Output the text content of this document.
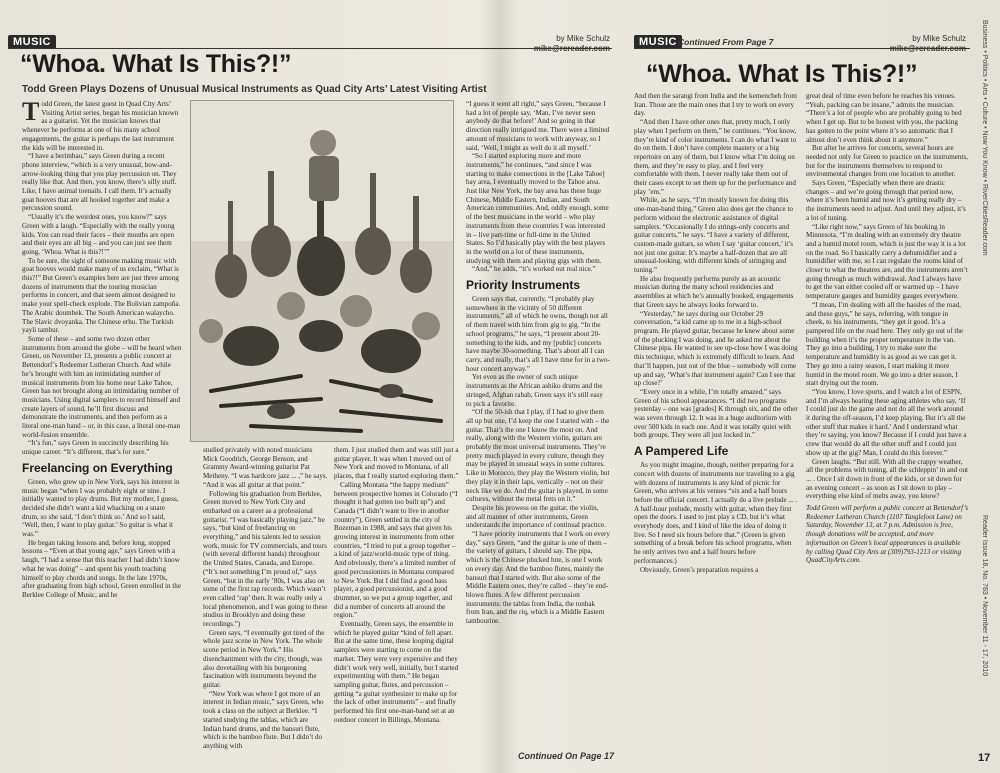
MUSIC	by Mike Schulz

“Whoa. What Is This?!”
Todd Green Plays Dozens of Unusual Musical Instruments as Quad City Arts’ Latest Visiting Artist

Todd Green, the latest guest in Quad City Arts’ Visiting Artist series, began his musician known as a guitarist. Yet the musician knows that whenever he performs at one of his many school engagements, the guitar is perhaps the last instrument the kids will be interested in.

“I have a berimbau,” says Green during a recent phone interview, “which is a very unusual, bow-and-arrow-looking thing that you play percussion on. They really like that. And then, you know, there’s silly stuff. Like, I have animal toenails. I call them. It’s actually goat hooves that are all hooked together and make a percussion sound.

“Usually it’s the weirdest ones, you know?” says Green with a laugh. “Especially with the really young kids. You can read their faces – their mouths are open and their eyes are all big – and you can just see them going, ‘Whoa. What is this?!’”

To be sure, the sight of someone making music with goat hooves would make many of us exclaim, “What is this?!” But Green’s examples here are just three among dozens of instruments that the touring musician performs in concert, and that seem almost designed to make your spell-check explode. The Bolivian zampoña. The Arabic doumbek. The South American walaycho. The Slavic dvoyanka. The Chinese erhu. The Turkish yayli tambur.

Some of these – and some two dozen other instruments from around the globe – will be heard when Green, on November 13, presents a public concert at Bettendorf’s Redeemer Lutheran Church. And while he’s brought with him an intimidating number of musical instruments from his home near Lake Tahoe, Green has not brought along an intimidating number of musicians. Using digital samplers to record himself and create layers of sound, he’ll first discuss and demonstrate the instruments, and then perform as a literal one-man band – or, in this case, a literal one-man world-fusion ensemble.

“It’s fun,” says Green in succinctly describing his unique career. “It’s different, that’s for sure.”

Freelancing on Everything

Green, who grew up in New York, says his interest in music began “when I was probably eight or nine. I initially wanted to play drums. But my mother, I guess, decided she didn’t want a kid whacking on a snare drum, so she said, ‘I don’t think so.’ And so I said, ‘Well, then, I want to play guitar.’ So guitar is what it was.”

He began taking lessons and, before long, stopped lessons – “Even at that young age,” says Green with a laugh, “I had a sense that this teacher I had didn’t know what he was doing” – and spent his youth teaching himself to play chords and songs. In the late 1970s, after graduating from high school, Green enrolled in the Berklee College of Music, and he

studied privately with noted musicians Mick Goodrich, George Benson, and Grammy Award-winning guitarist Pat Metheny. “I was hardcore jazz ... ,” he says. “And it was all guitar at that point.”

Following his graduation from Berklee, Green moved to New York City and embarked on a career as a professional guitarist. “I was basically playing jazz,” he says, “but kind of freelancing on everything,” and his talents led to session work, music for TV commercials, and tours (with several different bands) throughout the United States, Canada, and Europe. (“It’s not something I’m proud of,” says Green, “but in the early ’80s, I was also on some of the first rap records. Which wasn’t even called ‘rap’ then. It was really only a local phenomenon, and I was going to these studios in Brooklyn and doing these recordings.”)

Green says, “I eventually got tired of the whole jazz scene in New York. The whole scene period in New York.” His disenchantment with the city, though, was also dovetailing with his burgeoning fascination with instruments beyond the guitar.

“New York was where I got more of an interest in Indian music,” says Green, who took a class on the subject at Berklee. “I started studying the tablas, which are Indian hand drums, and the bansuri flute, which is the bamboo flute. But I didn’t do anything with

them. I just studied them and was still just a guitar player. It was when I moved out of New York and moved to Montana, of all places, that I really started exploring them.”

Calling Montana “the happy medium” between prospective homes in Colorado (“I thought it had gotten too built up”) and Canada (“I didn’t want to live in another country”), Green settled in the city of Bozeman in 1988, and says that given his growing interest in instruments from other countries, “I tried to put a group together – a kind of jazz/world-music type of thing. And obviously, there’s a limited number of good percussionists in Montana compared to New York. But I did find a good bass player, a good percussionist, and a good drummer, so we put a group together, and did a number of concerts all around the region.”

Eventually, Green says, the ensemble in which he played guitar “kind of fell apart. But at the same time, these looping digital samplers were starting to come on the market. They were very expensive and they didn’t work very well, initially, but I started experimenting with them.” He began sampling guitar, flutes, and percussion – getting “a guitar synthesizer to make up for the lack of other instruments” – and finally performed his first one-man-band set at an outdoor concert in Billings, Montana.

“I guess it went all right,” says Green, “because I had a lot of people say, ‘Man, I’ve never seen anybody do that before!’ And so going in that direction really intrigued me. There were a limited amount of musicians to work with anyway, so I said, ‘Well, I might as well do it all myself.’

“So I started exploring more and more instruments,” he continues, “and since I was starting to make connections in the [Lake Tahoe] bay area, I eventually moved to the Tahoe area. Just like New York, the bay area has these huge Chinese, Middle Eastern, Indian, and South American communities. And, oddly enough, some of the best musicians in the world – who play instruments from these countries I was interested in – live part-time or full-time in the United States. So I’d basically play with the best players in the world on a lot of these instruments, studying with them and playing gigs with them.

“And,” he adds, “it’s worked out real nice.”

Priority Instruments

Green says that, currently, “I probably play somewhere in the vicinity of 50 different instruments,” all of which he owns, though not all of them travel with him from gig to gig. “In the school programs,” he says, “I present about 20-something to the kids, and my [public] concerts have maybe 30-something. That’s about all I can carry, and really, that’s all I have time for in a two-hour concert anyway.”

Yet even as the owner of such unique instruments as the African ashiko drums and the stringed, Afghan rabab, Green says it’s still easy to pick a favorite.

“Of the 50-ish that I play, if I had to give them all up but one, I’d keep the one I started with – the guitar. That’s the one I know the most on. And really, along with the Western violin, guitars are probably the most universal instruments. They’re pretty much played in every culture, though they may be played in unusual ways in some cultures. Like in Morocco, they play the Western violin, but they play it in their laps, vertically – not on their neck like we do. And the guitar is played, in some cultures, without the metal frets on it.”

Despite his prowess on the guitar, the violin, and all manner of other instruments, Green understands the importance of continual practice.

“I have priority instruments that I work on every day,” says Green, “and the guitar is one of them – the variety of guitars, I should say. The pipa, which is the Chinese plucked lute, is one I work on every day. And the bamboo flutes, mainly the bansuri that I started with. But also some of the Middle Eastern ones, they’re called – they’re end-blown flutes. A few different percussion instruments: the tablas from India, the tonbak from Iran, and the riq, which is a Middle Eastern tambourine.

Continued On Page 17
MUSIC Continued From Page 7	by Mike Schulz

“Whoa. What Is This?!”

And then the sarangi from India and the kemencheh from Iran. Those are the main ones that I try to work on every day.

“And then I have other ones that, pretty much, I only play when I perform on them,” he continues. “You know, they’re kind of color instruments. I can do what I want to do on them. I don’t have complete mastery or a big repertoire on any of them, but I know what I’m doing on them, and they’re easy to play, and I feel very comfortable with them. I never really take them out of their cases except to set them up for the performance and play ’em.”

While, as he says, “I’m mostly known for doing this one-man-band thing,” Green also does get the chance to perform without the electronic assistance of digital samplers. “Occasionally I do strings-only concerts and guitar concerts,” he says. “I have a variety of different, custom-made guitars, so when I say ‘guitar concert,’ it’s not just one guitar. It’s maybe a half-dozen that are all unusual-looking, with different kinds of stringing and tuning.”

He also frequently performs purely as an acoustic musician during the many school residencies and assemblies at which he’s annually booked, engagements that Green says he always looks forward to.

“Yesterday,” he says during our October 29 conversation, “a kid came up to me in a high-school program. He played guitar, because he knew about some of the plucking I was doing, and he asked me about the Chinese pipa. He wanted to see up-close how I was doing this technique, which is extremely difficult to learn. And that’ll happen, just out of the blue – somebody will come up and say, ‘What’s that instrument again? Can I see that up close?’

“Every once in a while, I’m totally amazed,” says Green of his school appearances. “I did two programs yesterday – one was [grades] K through six, and the other was seven through 12. It was in a huge auditorium with over 500 kids in each one. And it was totally quiet with both groups. They were all just locked in.”

A Pampered Life

As you might imagine, though, neither preparing for a concert with dozens of instruments nor traveling to a gig with dozens of instruments is any kind of picnic for Green, who arrives at his venues “six and a half hours before the official concert. I actually do a live prelude ... . A half-hour prelude, mostly with guitar, when they first open the doors. I used to just play a CD, but it’s what everybody does, and I kind of like the idea of doing it live. So I need six hours before that.” (Green is given something of a break before his school programs, when he only arrives two and a half hours before performances.)

Obviously, Green’s preparation requires a

great deal of time even before he reaches his venues. “Yeah, packing can be insane,” admits the musician. “There’s a lot of people who are probably going to bed when I get up. But to be honest with you, the packing has gotten to the point where it’s so automatic that I almost don’t even think about it anymore.”

But after he arrives for concerts, several hours are needed not only for Green to practice on the instruments, but for the instruments themselves to respond to environmental changes from one location to another.

Says Green, “Especially when there are drastic changes – and we’re going through that period now, where it’s been humid and now it’s getting really dry – the instruments need to adjust. And until they adjust, it’s a lot of tuning.

“Like right now,” says Green of his booking in Minnesota, “I’m dealing with an extremely dry theatre and a humid motel room, which is just the way it is a lot on the road. So I basically carry a dehumidifier and a humidifier with me, so I can regulate the rooms kind of closer to what the theatres are, and the instruments aren’t going through as much withdrawal. And I always have to get the van either cooled off or warmed up – I have temperature gauges and humidity gauges everywhere.

“I mean, I’m dealing with all the hassles of the road, and these guys,” he says, referring, with tongue in cheek, to his instruments, “they get it good. It’s a pampered life on the road here. They only go out of the building when it’s the proper temperature in the van. They go into a building, I try to make sure the temperature and humidity is as good as we can get it. They go into a rainy season, I start making it more humid in the motel room. We go into a drier season, I start drying out the room.

“You know, I love sports, and I watch a lot of ESPN, and I’m always hearing these aging athletes who say, ‘If I could just do the game and not do all the work around it during the off-season, I’d keep playing. But it’s all the other stuff that makes it hard.’ And I understand what they’re saying, you know? Because if I could just have a crew that would do all the other stuff and I could just show up at the gig? Man, I could do this forever.”

Green laughs. “But still. With all the crappy weather, all the problems with tuning, all the schleppin’ in and out ... . Once I sit down in front of the kids, or sit down for an evening concert – as soon as I sit down to play – everything else kind of melts away, you know?

Todd Green will perform a public concert at Bettendorf’s Redeemer Lutheran Church (1107 Tanglefoot Lane) on Saturday, November 13, at 7 p.m. Admission is free, though donations will be accepted, and more information on Green’s local appearances is available by calling Quad City Arts at (309)793-1213 or visiting QuadCityArts.com.

Business • Politics • Arts • Culture • Now You Know • RiverCitiesReader.com
Reader Issue 18, No. 783 • November 11 - 17, 2010
17
